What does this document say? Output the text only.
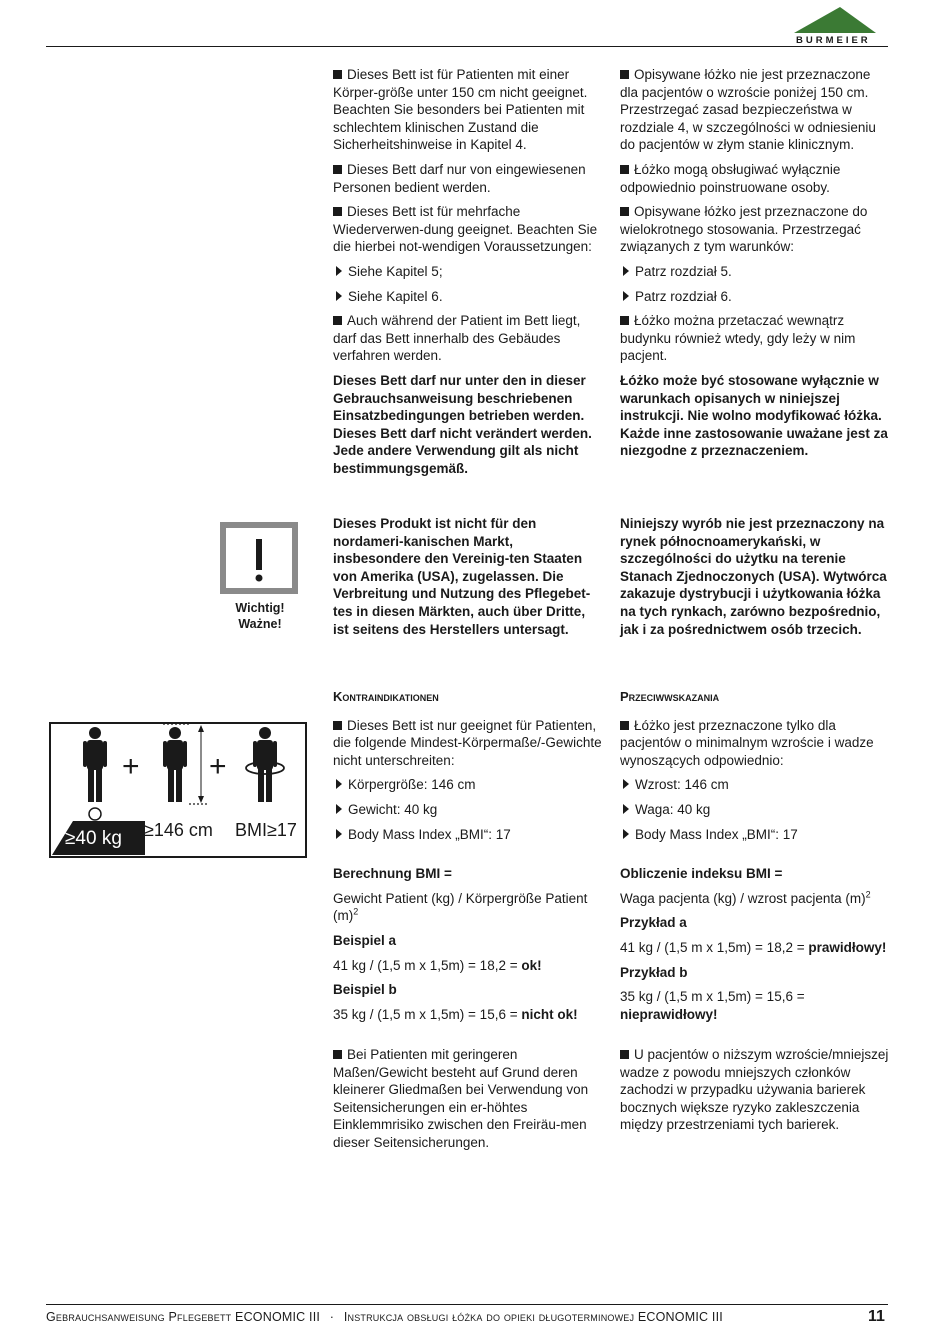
BURMEIER

Dieses Bett ist für Patienten mit einer Körper-größe unter 150 cm nicht geeignet. Beachten Sie besonders bei Patienten mit schlechtem klinischen Zustand die Sicherheitshinweise in Kapitel 4.

Dieses Bett darf nur von eingewiesenen Personen bedient werden.

Dieses Bett ist für mehrfache Wiederverwen-dung geeignet. Beachten Sie die hierbei not-wendigen Voraussetzungen:

Siehe Kapitel 5;

Siehe Kapitel 6.

Auch während der Patient im Bett liegt, darf das Bett innerhalb des Gebäudes verfahren werden.

Dieses Bett darf nur unter den in dieser Gebrauchsanweisung beschriebenen Einsatzbedingungen betrieben werden. Dieses Bett darf nicht verändert werden. Jede andere Verwendung gilt als nicht bestimmungsgemäß.

Opisywane łóżko nie jest przeznaczone dla pacjentów o wzroście poniżej 150 cm. Przestrzegać zasad bezpieczeństwa w rozdziale 4, w szczególności w odniesieniu do pacjentów w złym stanie klinicznym.

Łóżko mogą obsługiwać wyłącznie odpowiednio poinstruowane osoby.

Opisywane łóżko jest przeznaczone do wielokrotnego stosowania. Przestrzegać związanych z tym warunków:

Patrz rozdział 5.

Patrz rozdział 6.

Łóżko można przetaczać wewnątrz budynku również wtedy, gdy leży w nim pacjent.

Łóżko może być stosowane wyłącznie w warunkach opisanych w niniejszej instrukcji. Nie wolno modyfikować łóżka. Każde inne zastosowanie uważane jest za niezgodne z przeznaczeniem.

Wichtig!
Ważne!
Dieses Produkt ist nicht für den nordameri-kanischen Markt, insbesondere den Vereinig-ten Staaten von Amerika (USA), zugelassen. Die Verbreitung und Nutzung des Pflegebet-tes in diesen Märkten, auch über Dritte, ist seitens des Herstellers untersagt.
Niniejszy wyrób nie jest przeznaczony na rynek północnoamerykański, w szczególności do użytku na terenie Stanach Zjednoczonych (USA). Wytwórca zakazuje dystrybucji i użytkowania łóżka na tych rynkach, zarówno bezpośrednio, jak i za pośrednictwem osób trzecich.
+ +
≥40 kg ≥146 cm BMI≥17

Kontraindikationen

Dieses Bett ist nur geeignet für Patienten, die folgende Mindest-Körpermaße/-Gewichte nicht unterschreiten:

Körpergröße: 146 cm

Gewicht: 40 kg

Body Mass Index „BMI“: 17

Berechnung BMI =

Gewicht Patient (kg) / Körpergröße Patient $(m)^2$

Beispiel a

41 kg / (1,5 m x 1,5m) = 18,2 = ok!

Beispiel b

35 kg / (1,5 m x 1,5m) = 15,6 = nicht ok!

Przeciwwskazania

Łóżko jest przeznaczone tylko dla pacjentów o minimalnym wzroście i wadze wynoszących odpowiednio:

Wzrost: 146 cm

Waga: 40 kg

Body Mass Index „BMI“: 17

Obliczenie indeksu BMI =

Waga pacjenta (kg) / wzrost pacjenta $(m)^2$

Przykład a

41 kg / (1,5 m x 1,5m) = 18,2 = prawidłowy!

Przykład b

35 kg / (1,5 m x 1,5m) = 15,6 = nieprawidłowy!

Bei Patienten mit geringeren Maßen/Gewicht besteht auf Grund deren kleinerer Gliedmaßen bei Verwendung von Seitensicherungen ein er-höhtes Einklemmrisiko zwischen den Freiräu-men dieser Seitensicherungen.

U pacjentów o niższym wzroście/mniejszej wadze z powodu mniejszych członków zachodzi w przypadku używania barierek bocznych większe ryzyko zakleszczenia między przestrzeniami tych barierek.

Gebrauchsanweisung Pflegebett ECONOMIC III · Instrukcja obsługi łóżka do opieki długoterminowej ECONOMIC III	11
